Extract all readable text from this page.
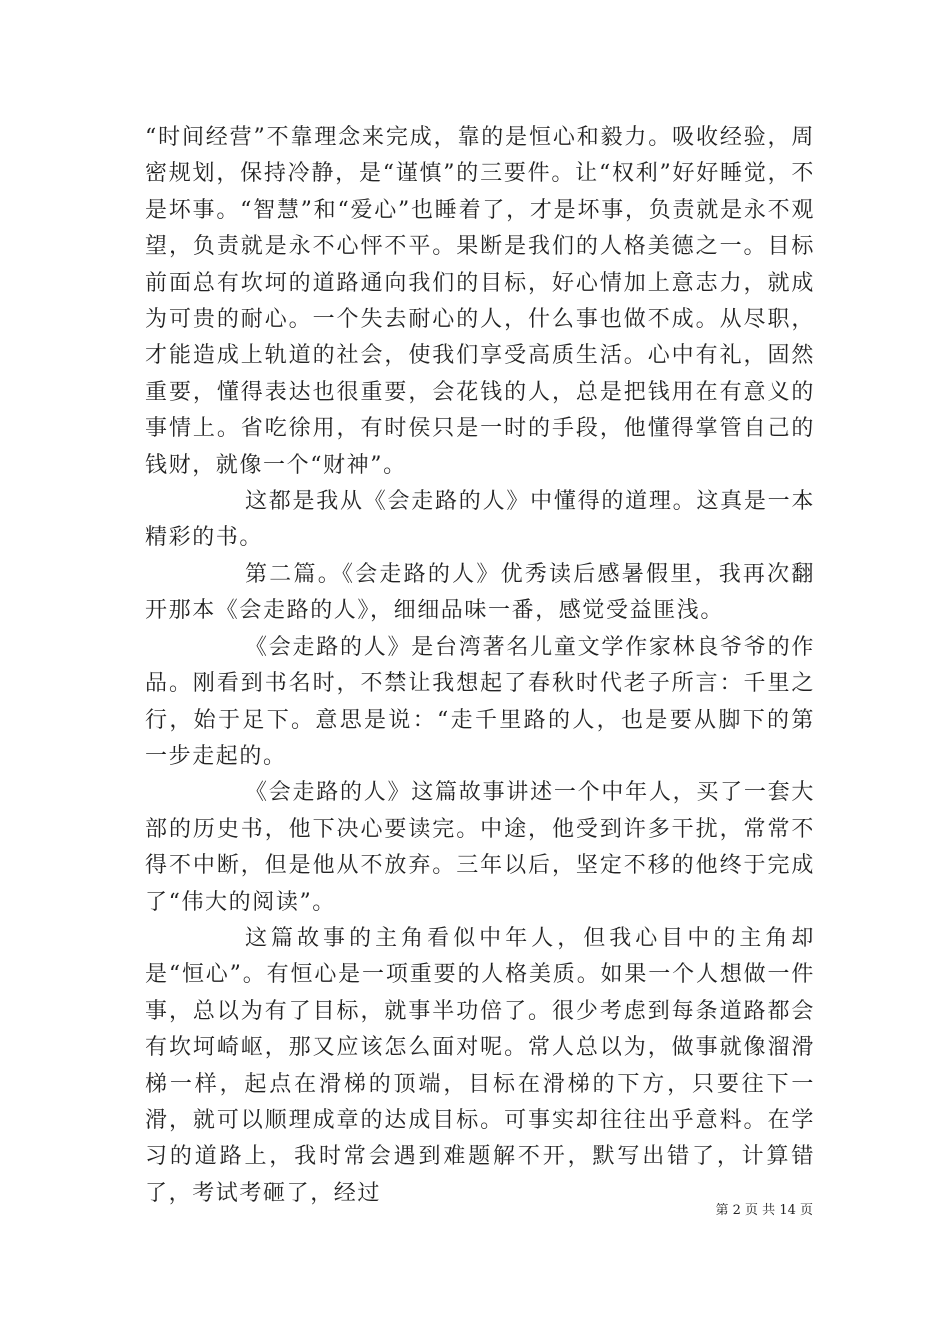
“时间经营”不靠理念来完成，靠的是恒心和毅力。吸收经验，周密规划，保持冷静，是“谨慎”的三要件。让“权利”好好睡觉，不是坏事。“智慧”和“爱心”也睡着了，才是坏事，负责就是永不观望，负责就是永不心怦不平。果断是我们的人格美德之一。目标前面总有坎坷的道路通向我们的目标，好心情加上意志力，就成为可贵的耐心。一个失去耐心的人，什么事也做不成。从尽职，才能造成上轨道的社会，使我们享受高质生活。心中有礼，固然重要，懂得表达也很重要，会花钱的人，总是把钱用在有意义的事情上。省吃徐用，有时侯只是一时的手段，他懂得掌管自己的钱财，就像一个“财神”。

这都是我从《会走路的人》中懂得的道理。这真是一本精彩的书。

第二篇。《会走路的人》优秀读后感暑假里，我再次翻开那本《会走路的人》，细细品味一番，感觉受益匪浅。

《会走路的人》是台湾著名儿童文学作家林良爷爷的作品。刚看到书名时，不禁让我想起了春秋时代老子所言：千里之行，始于足下。意思是说：“走千里路的人，也是要从脚下的第一步走起的。

《会走路的人》这篇故事讲述一个中年人，买了一套大部的历史书，他下决心要读完。中途，他受到许多干扰，常常不得不中断，但是他从不放弃。三年以后，坚定不移的他终于完成了“伟大的阅读”。

这篇故事的主角看似中年人，但我心目中的主角却是“恒心”。有恒心是一项重要的人格美质。如果一个人想做一件事，总以为有了目标，就事半功倍了。很少考虑到每条道路都会有坎坷崎岖，那又应该怎么面对呢。常人总以为，做事就像溜滑梯一样，起点在滑梯的顶端，目标在滑梯的下方，只要往下一滑，就可以顺理成章的达成目标。可事实却往往出乎意料。在学习的道路上，我时常会遇到难题解不开，默写出错了，计算错了，考试考砸了，经过

第 2 页 共 14 页
